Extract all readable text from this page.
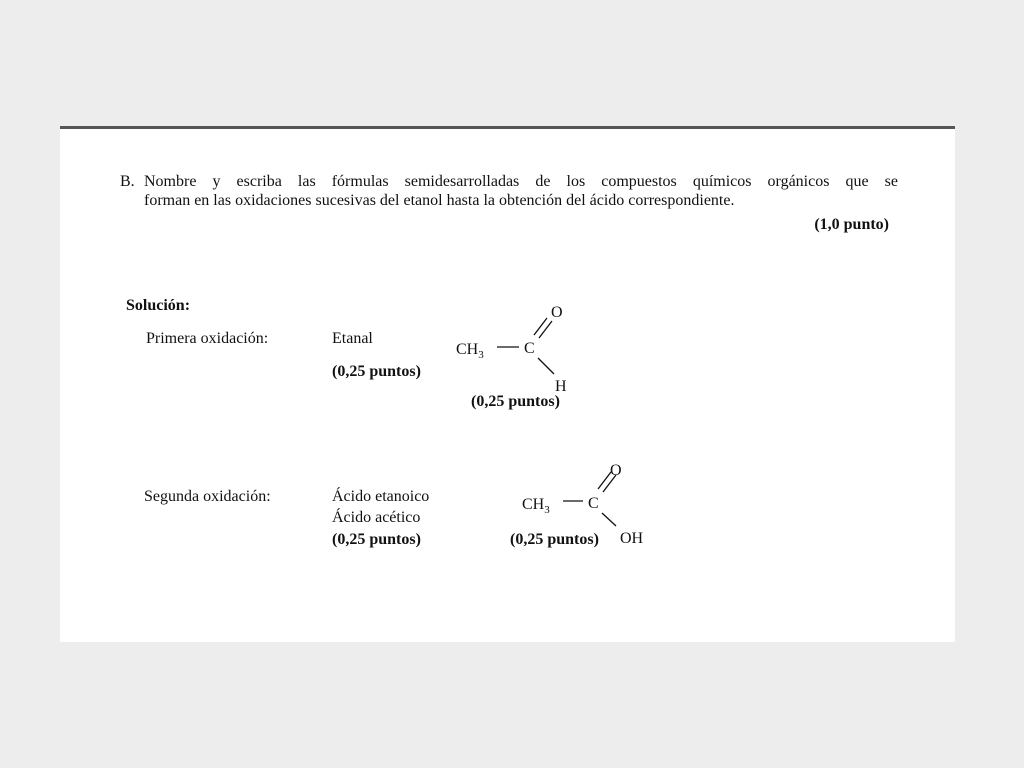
B. Nombre y escriba las fórmulas semidesarrolladas de los compuestos químicos orgánicos que se
forman en las oxidaciones sucesivas del etanol hasta la obtención del ácido correspondiente.
(1,0 punto)
Solución:
Primera oxidación:	Etanal
(0,25 puntos)
$CH_3$	C
O
H
(0,25 puntos)
Segunda oxidación:	Ácido etanoico
Ácido acético
(0,25 puntos)
$CH_3$ C
O
OH
(0,25 puntos)
